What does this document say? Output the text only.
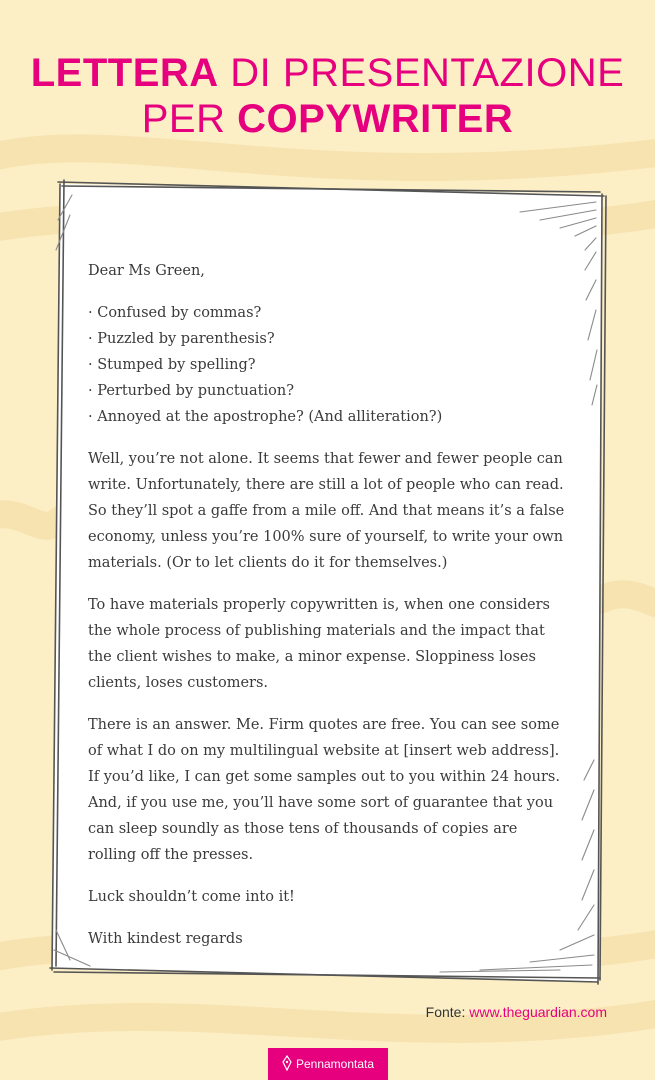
LETTERA DI PRESENTAZIONE
PER COPYWRITER

Dear Ms Green,

· Confused by commas?
· Puzzled by parenthesis?
· Stumped by spelling?
· Perturbed by punctuation?
· Annoyed at the apostrophe? (And alliteration?)

Well, you’re not alone. It seems that fewer and fewer people can write. Unfortunately, there are still a lot of people who can read. So they’ll spot a gaffe from a mile off. And that means it’s a false economy, unless you’re 100% sure of yourself, to write your own materials. (Or to let clients do it for themselves.)

To have materials properly copywritten is, when one considers the whole process of publishing materials and the impact that the client wishes to make, a minor expense. Sloppiness loses clients, loses customers.

There is an answer. Me. Firm quotes are free. You can see some of what I do on my multilingual website at [insert web address]. If you’d like, I can get some samples out to you within 24 hours. And, if you use me, you’ll have some sort of guarantee that you can sleep soundly as those tens of thousands of copies are rolling off the presses.

Luck shouldn’t come into it!

With kindest regards

Fonte: www.theguardian.com
Pennamontata
